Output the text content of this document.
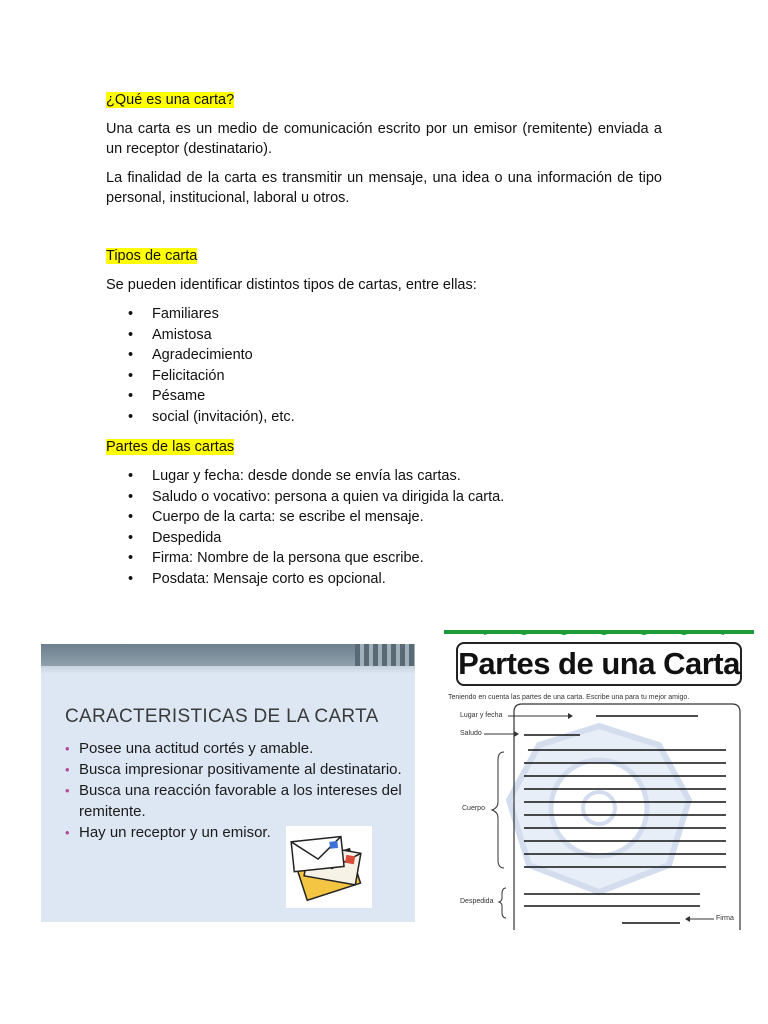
¿Qué es una carta?

Una carta es un medio de comunicación escrito por un emisor (remitente) enviada a un receptor (destinatario).

La finalidad de la carta es transmitir un mensaje, una idea o una información de tipo personal, institucional, laboral u otros.

Tipos de carta

Se pueden identificar distintos tipos de cartas, entre ellas:

• Familiares
• Amistosa
• Agradecimiento
• Felicitación
• Pésame
• social (invitación), etc.
Partes de las cartas
• Lugar y fecha: desde donde se envía las cartas.
• Saludo o vocativo: persona a quien va dirigida la carta.
• Cuerpo de la carta: se escribe el mensaje.
• Despedida
• Firma: Nombre de la persona que escribe.
• Posdata: Mensaje corto es opcional.
CARACTERISTICAS DE LA CARTA
• Posee una actitud cortés y amable.
• Busca impresionar positivamente al destinatario.
• Busca una reacción favorable a los intereses del remitente.
• Hay un receptor y un emisor.
Partes de una Carta
Teniendo en cuenta las partes de una carta. Escribe una para tu mejor amigo.
Lugar y fecha
Saludo
Cuerpo
Despedida
Firma
